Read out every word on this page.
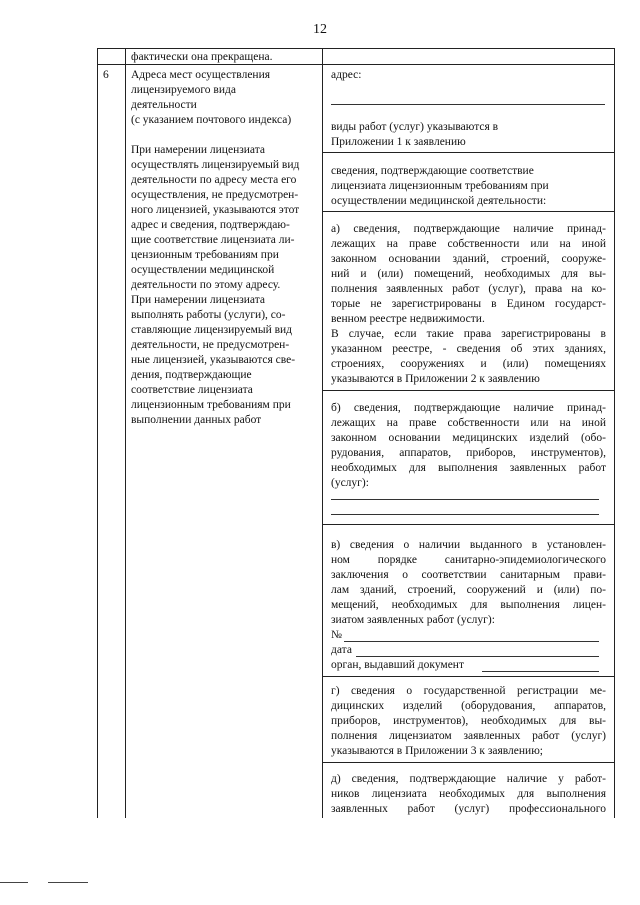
12
фактически она прекращена.
6 Адреса мест осуществления
лицензируемого вида
деятельности
(с указанием почтового индекса)
При намерении лицензиата
осуществлять лицензируемый вид
деятельности по адресу места его
осуществления, не предусмотрен-
ного лицензией, указываются этот
адрес и сведения, подтверждаю-
щие соответствие лицензиата ли-
цензионным требованиям при
осуществлении медицинской
деятельности по этому адресу.
При намерении лицензиата
выполнять работы (услуги), со-
ставляющие лицензируемый вид
деятельности, не предусмотрен-
ные лицензией, указываются све-
дения, подтверждающие
соответствие лицензиата
лицензионным требованиям при
выполнении данных работ
адрес:
виды работ (услуг) указываются в
Приложении 1 к заявлению
сведения, подтверждающие соответствие
лицензиата лицензионным требованиям при
осуществлении медицинской деятельности:
а) сведения, подтверждающие наличие принад-
лежащих на праве собственности или на иной
законном основании зданий, строений, сооруже-
ний и (или) помещений, необходимых для вы-
полнения заявленных работ (услуг), права на ко-
торые не зарегистрированы в Едином государст-
венном реестре недвижимости.
В случае, если такие права зарегистрированы в
указанном реестре, - сведения об этих зданиях,
строениях, сооружениях и (или) помещениях
указываются в Приложении 2 к заявлению
б) сведения, подтверждающие наличие принад-
лежащих на праве собственности или на иной
законном основании медицинских изделий (обо-
рудования, аппаратов, приборов, инструментов),
необходимых для выполнения заявленных работ
(услуг):
в) сведения о наличии выданного в установлен-
ном порядке санитарно-эпидемиологического
заключения о соответствии санитарным прави-
лам зданий, строений, сооружений и (или) по-
мещений, необходимых для выполнения лицен-
зиатом заявленных работ (услуг):
№
дата
орган, выдавший документ
г) сведения о государственной регистрации ме-
дицинских изделий (оборудования, аппаратов,
приборов, инструментов), необходимых для вы-
полнения лицензиатом заявленных работ (услуг)
указываются в Приложении 3 к заявлению;
д) сведения, подтверждающие наличие у работ-
ников лицензиата необходимых для выполнения
заявленных работ (услуг) профессионального
